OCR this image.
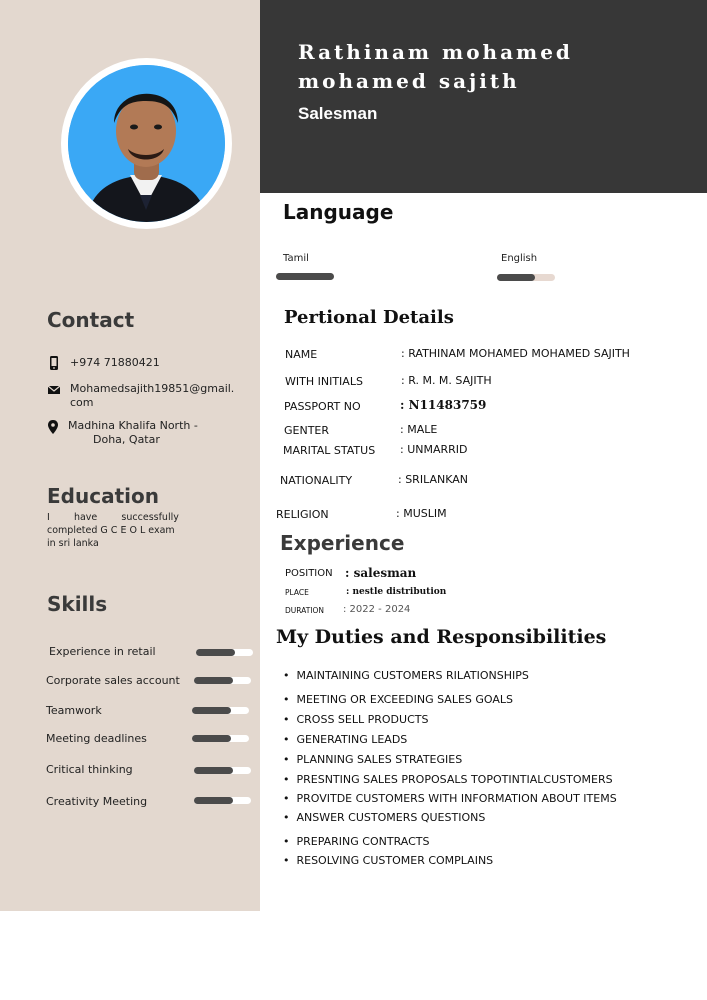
Rathinam mohamed
mohamed sajith
Salesman
Contact
+974 71880421
Mohamedsajith19851@gmail.
com
Madhina Khalifa North -
Doha, Qatar
Education
I        have        successfully
completed G C E O L exam
in sri lanka
Skills
Experience in retail
Corporate sales account
Teamwork
Meeting deadlines
Critical thinking
Creativity Meeting
Language
Tamil	English
Pertional Details
NAME	: RATHINAM MOHAMED MOHAMED SAJITH
WITH INITIALS	: R. M. M. SAJITH
PASSPORT NO	: N11483759
GENTER	: MALE
MARITAL STATUS : UNMARRID
NATIONALITY	: SRILANKAN
RELIGION	: MUSLIM
Experience
POSITION : salesman
PLACE	: nestle distribution
DURATION : 2022 - 2024
My Duties and Responsibilities
•  MAINTAINING CUSTOMERS RILATIONSHIPS
•  MEETING OR EXCEEDING SALES GOALS
•  CROSS SELL PRODUCTS
•  GENERATING LEADS
•  PLANNING SALES STRATEGIES
•  PRESNTING SALES PROPOSALS TOPOTINTIALCUSTOMERS
•  PROVITDE CUSTOMERS WITH INFORMATION ABOUT ITEMS
•  ANSWER CUSTOMERS QUESTIONS
•  PREPARING CONTRACTS
•  RESOLVING CUSTOMER COMPLAINS
